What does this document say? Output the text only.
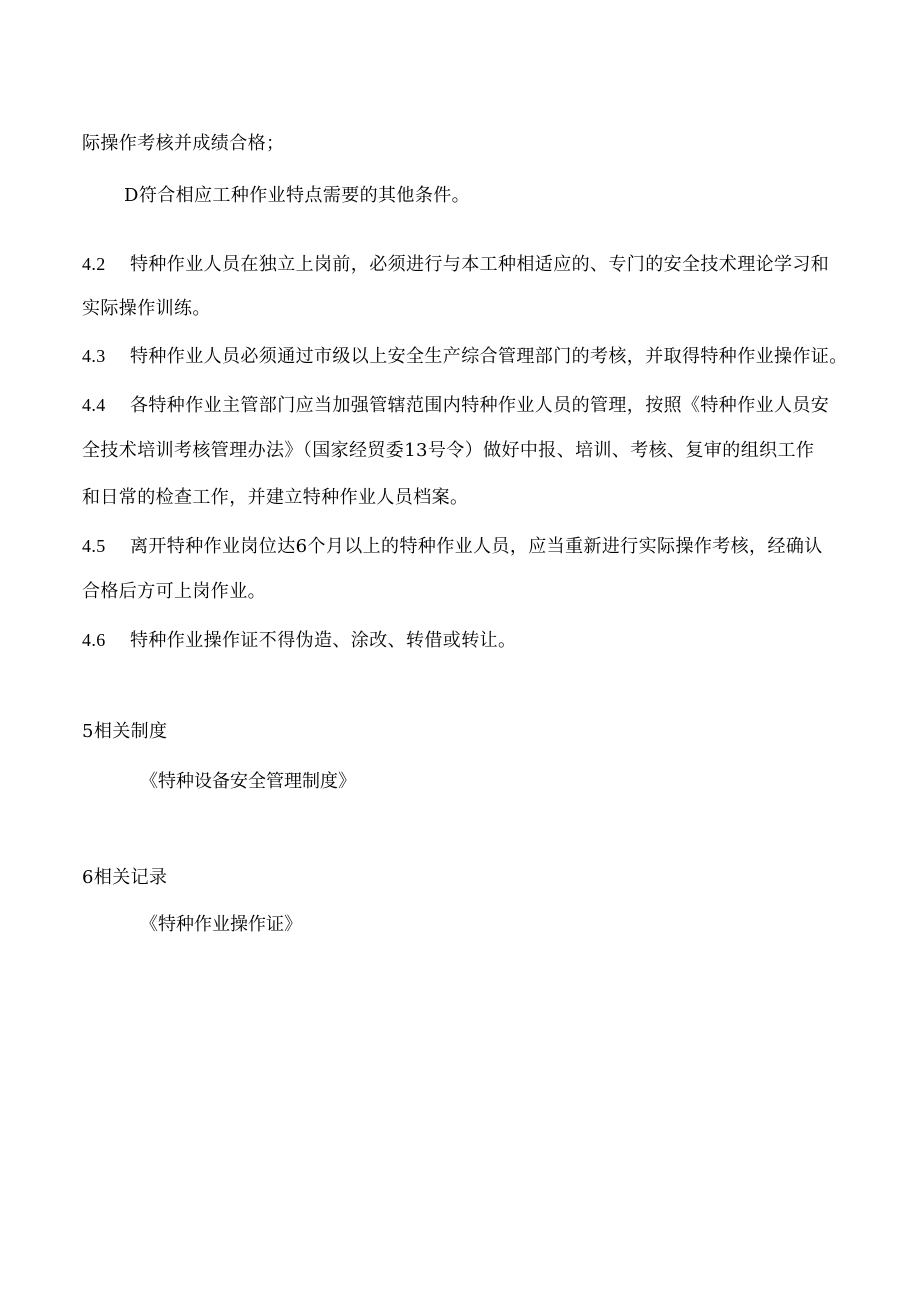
际操作考核并成绩合格；
D符合相应工种作业特点需要的其他条件。
4.2 特种作业人员在独立上岗前，必须进行与本工种相适应的、专门的安全技术理论学习和
实际操作训练。
4.3 特种作业人员必须通过市级以上安全生产综合管理部门的考核，并取得特种作业操作证。
4.4 各特种作业主管部门应当加强管辖范围内特种作业人员的管理，按照《特种作业人员安
全技术培训考核管理办法》（国家经贸委13号令）做好中报、培训、考核、复审的组织工作
和日常的检查工作，并建立特种作业人员档案。
4.5 离开特种作业岗位达6个月以上的特种作业人员，应当重新进行实际操作考核，经确认
合格后方可上岗作业。
4.6 特种作业操作证不得伪造、涂改、转借或转让。
5相关制度
《特种设备安全管理制度》
6相关记录
《特种作业操作证》
